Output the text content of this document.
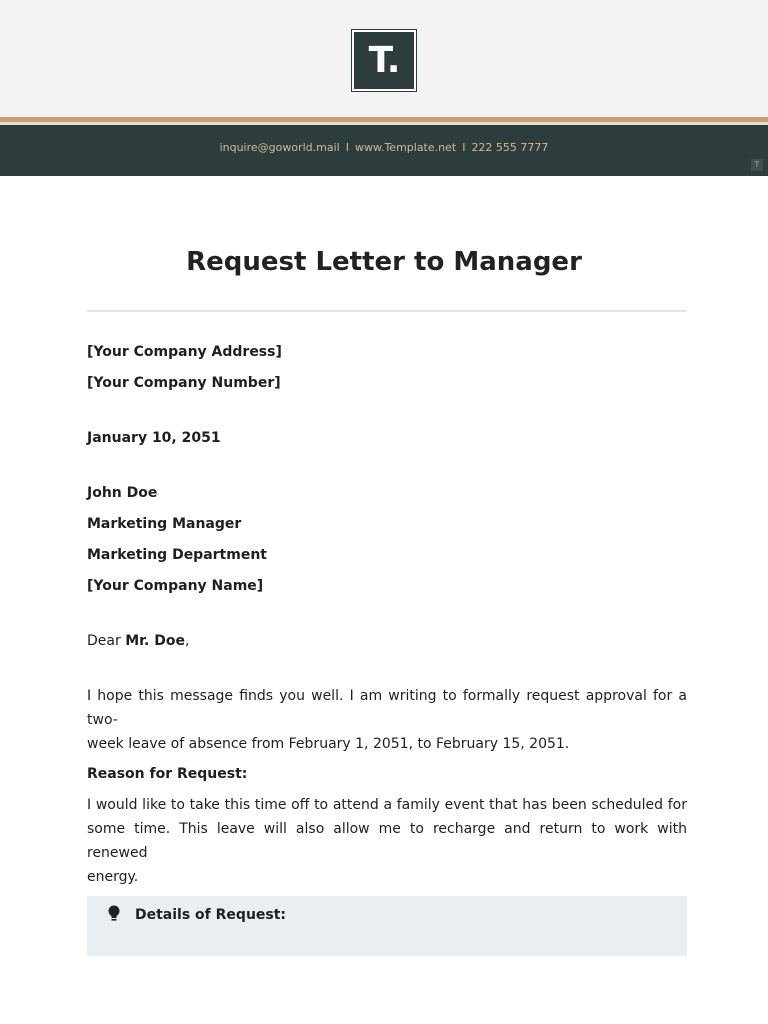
T.
inquire@goworld.mail I www.Template.net I 222 555 7777
T
Request Letter to Manager
[Your Company Address]
[Your Company Number]
January 10, 2051
John Doe
Marketing Manager
Marketing Department
[Your Company Name]
Dear Mr. Doe,
I hope this message finds you well. I am writing to formally request approval for a two-
week leave of absence from February 1, 2051, to February 15, 2051.
Reason for Request:
I would like to take this time off to attend a family event that has been scheduled for
some time. This leave will also allow me to recharge and return to work with renewed
energy.
Details of Request:
